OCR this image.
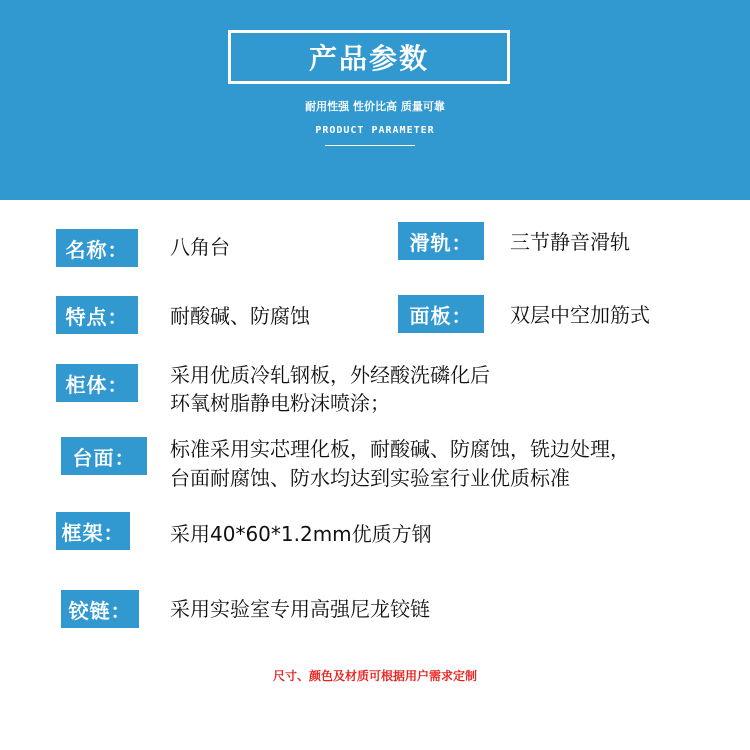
产品参数
耐用性强 性价比高 质量可靠
PRODUCT PARAMETER
名称：	八角台	滑轨：	三节静音滑轨
特点：	耐酸碱、防腐蚀	面板：	双层中空加筋式
柜体：	采用优质冷轧钢板，外经酸洗磷化后
环氧树脂静电粉沫喷涂；
台面：	标准采用实芯理化板，耐酸碱、防腐蚀，铣边处理，
台面耐腐蚀、防水均达到实验室行业优质标准
框架： 采用40*60*1.2mm优质方钢
铰链：	采用实验室专用高强尼龙铰链
尺寸、颜色及材质可根据用户需求定制
